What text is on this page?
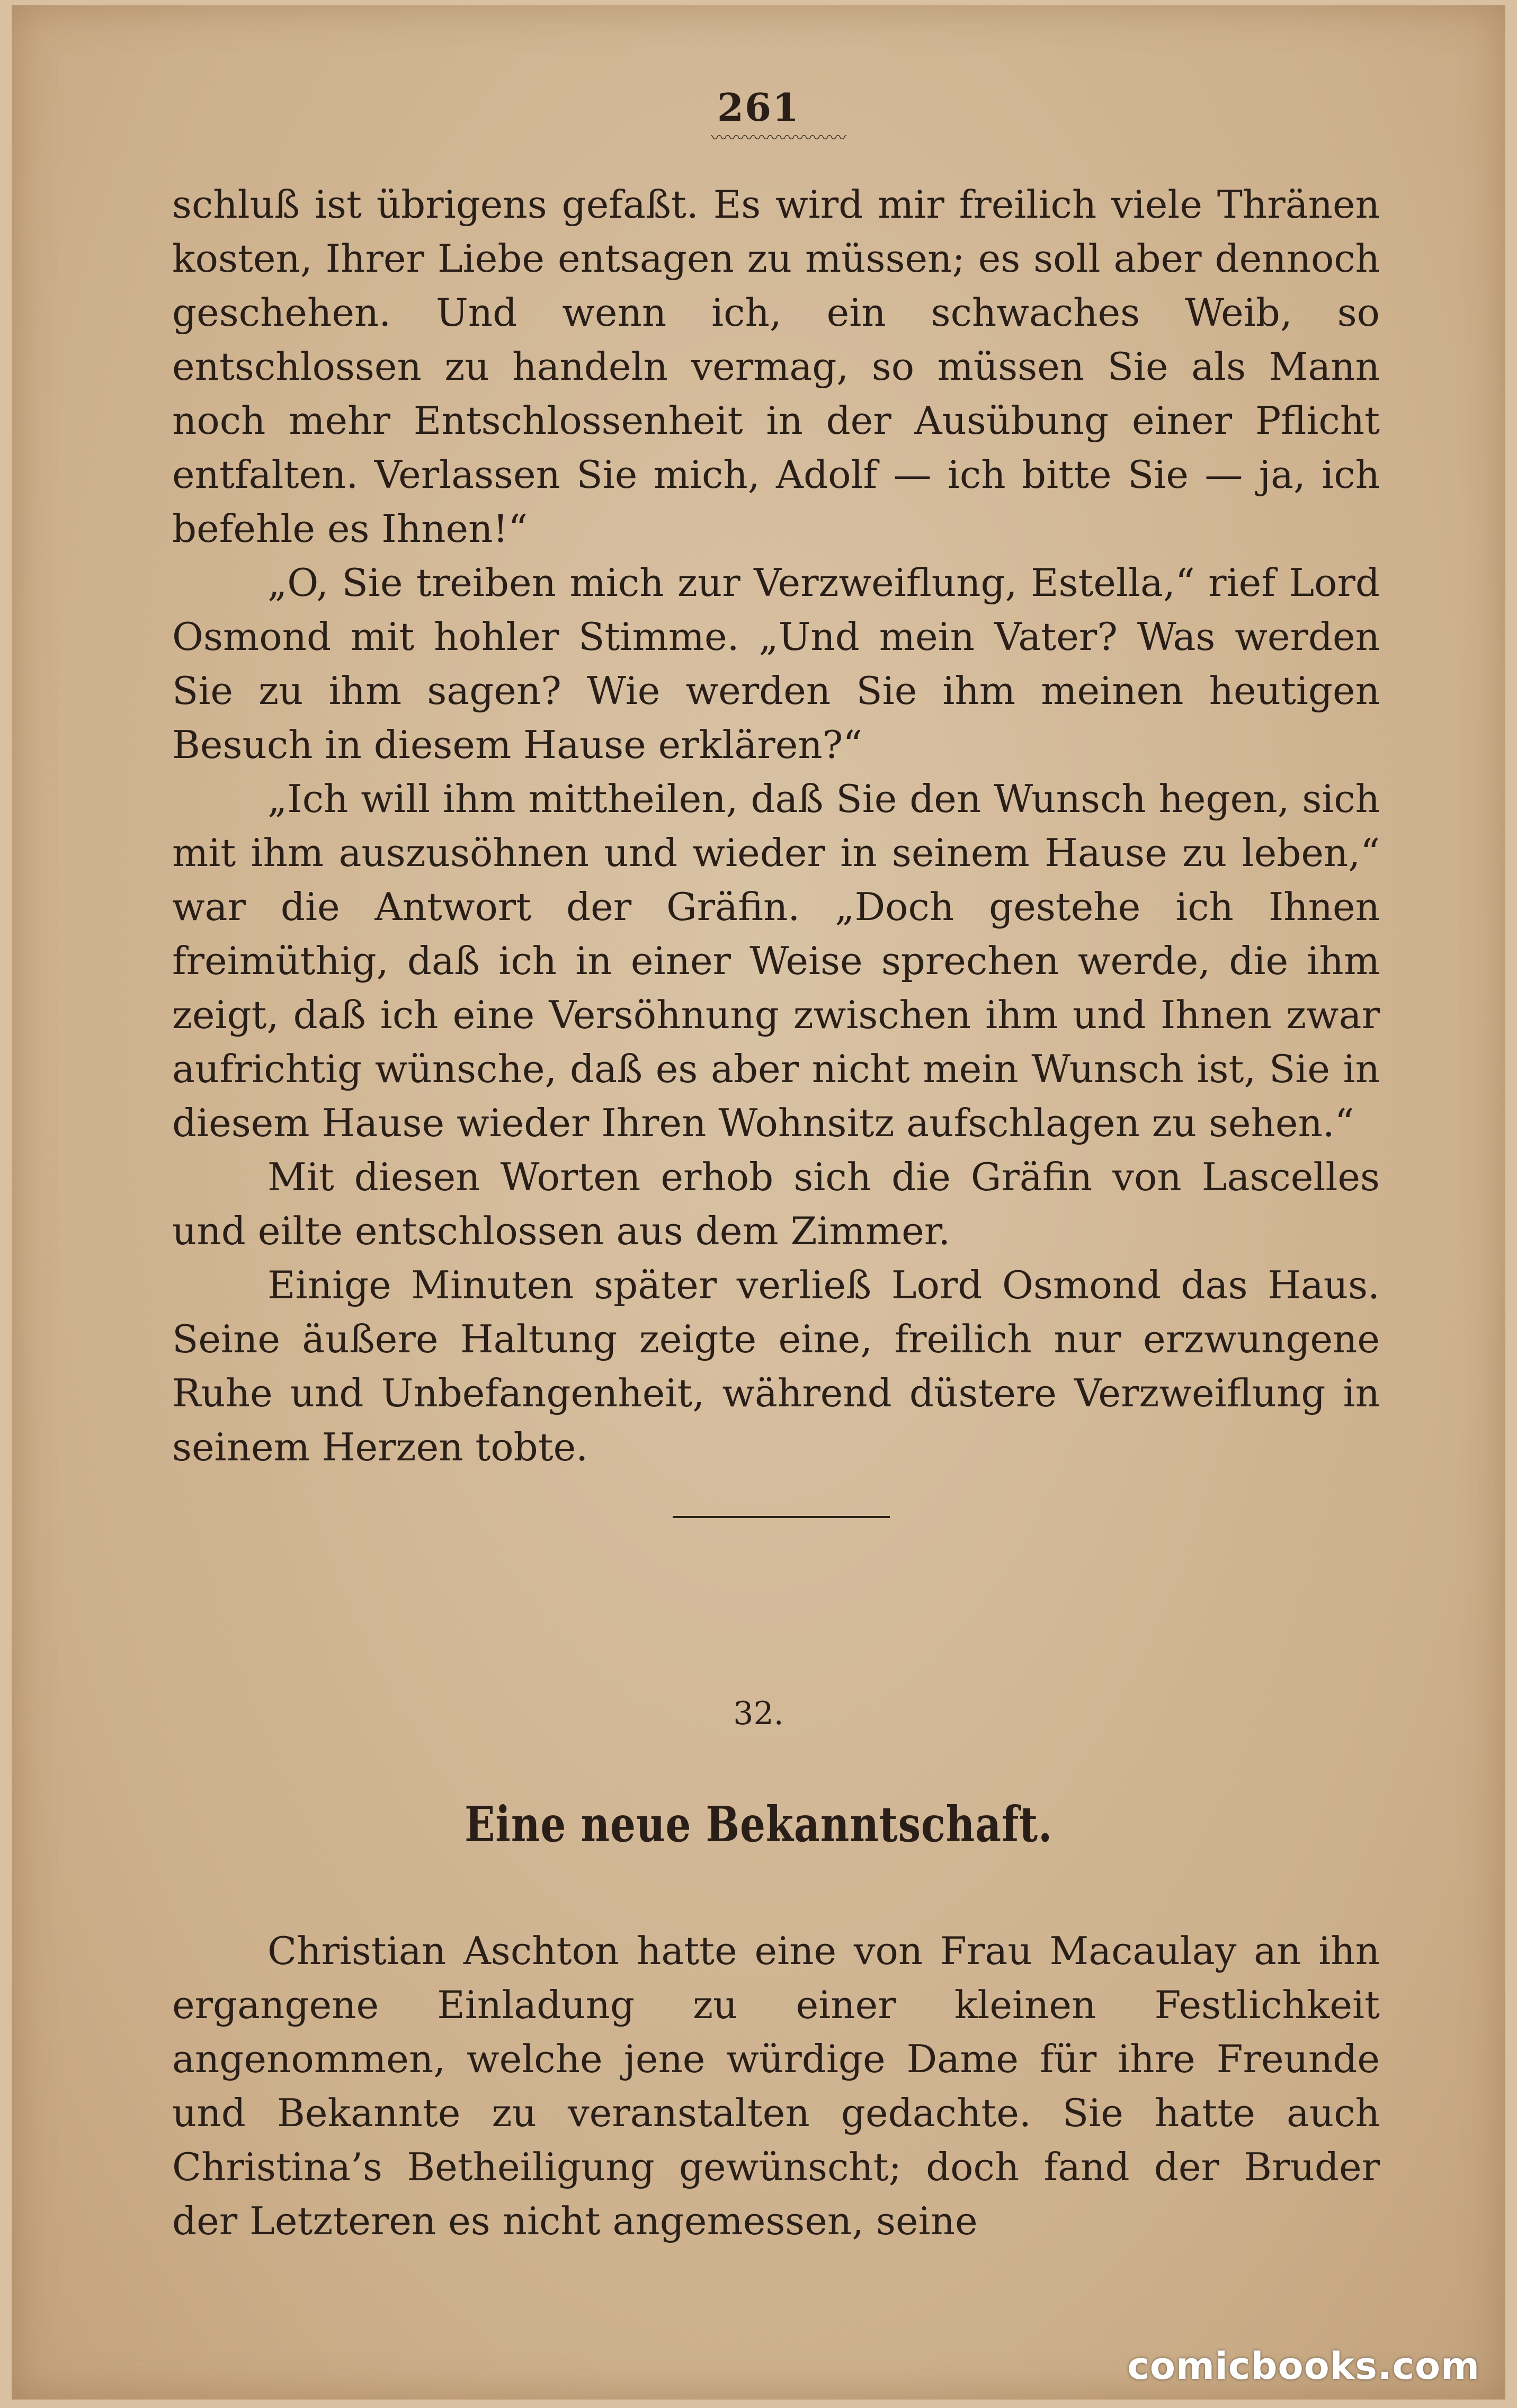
261
〰〰〰〰〰〰〰〰

schluß ist übrigens gefaßt. Es wird mir freilich viele Thränen kosten, Ihrer Liebe entsagen zu müssen; es soll aber dennoch geschehen. Und wenn ich, ein schwaches Weib, so entschlossen zu handeln vermag, so müssen Sie als Mann noch mehr Entschlossenheit in der Ausübung einer Pflicht entfalten. Verlassen Sie mich, Adolf — ich bitte Sie — ja, ich befehle es Ihnen!“

„O, Sie treiben mich zur Verzweiflung, Estella,“ rief Lord Osmond mit hohler Stimme. „Und mein Vater? Was werden Sie zu ihm sagen? Wie werden Sie ihm meinen heutigen Besuch in diesem Hause erklären?“

„Ich will ihm mittheilen, daß Sie den Wunsch hegen, sich mit ihm auszusöhnen und wieder in seinem Hause zu leben,“ war die Antwort der Gräfin. „Doch gestehe ich Ihnen freimüthig, daß ich in einer Weise sprechen werde, die ihm zeigt, daß ich eine Versöhnung zwischen ihm und Ihnen zwar aufrichtig wünsche, daß es aber nicht mein Wunsch ist, Sie in diesem Hause wieder Ihren Wohnsitz aufschlagen zu sehen.“

Mit diesen Worten erhob sich die Gräfin von Lascelles und eilte entschlossen aus dem Zimmer.

Einige Minuten später verließ Lord Osmond das Haus. Seine äußere Haltung zeigte eine, freilich nur erzwungene Ruhe und Unbefangenheit, während düstere Verzweiflung in seinem Herzen tobte.

32.
Eine neue Bekanntschaft.

Christian Aschton hatte eine von Frau Macaulay an ihn ergangene Einladung zu einer kleinen Festlichkeit angenommen, welche jene würdige Dame für ihre Freunde und Bekannte zu veranstalten gedachte. Sie hatte auch Christina’s Betheiligung gewünscht; doch fand der Bruder der Letzteren es nicht angemessen, seine

comicbooks.com
